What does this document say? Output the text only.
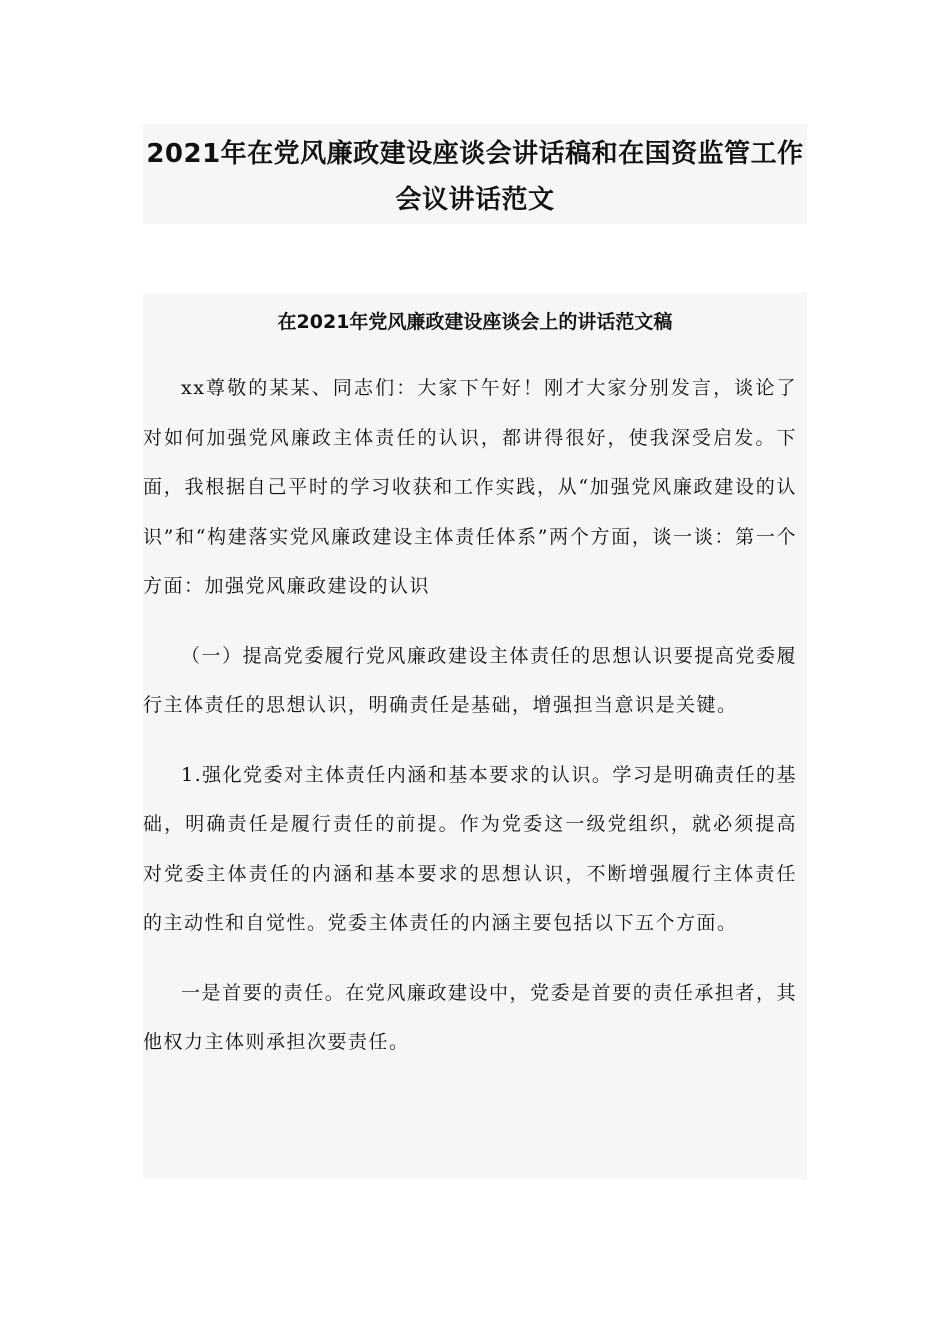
2021年在党风廉政建设座谈会讲话稿和在国资监管工作会议讲话范文
在2021年党风廉政建设座谈会上的讲话范文稿

xx尊敬的某某、同志们：大家下午好！刚才大家分别发言，谈论了对如何加强党风廉政主体责任的认识，都讲得很好，使我深受启发。下面，我根据自己平时的学习收获和工作实践，从“加强党风廉政建设的认识”和“构建落实党风廉政建设主体责任体系”两个方面，谈一谈：第一个方面：加强党风廉政建设的认识

（一）提高党委履行党风廉政建设主体责任的思想认识要提高党委履行主体责任的思想认识，明确责任是基础，增强担当意识是关键。

1.强化党委对主体责任内涵和基本要求的认识。学习是明确责任的基础，明确责任是履行责任的前提。作为党委这一级党组织，就必须提高对党委主体责任的内涵和基本要求的思想认识，不断增强履行主体责任的主动性和自觉性。党委主体责任的内涵主要包括以下五个方面。

一是首要的责任。在党风廉政建设中，党委是首要的责任承担者，其他权力主体则承担次要责任。
